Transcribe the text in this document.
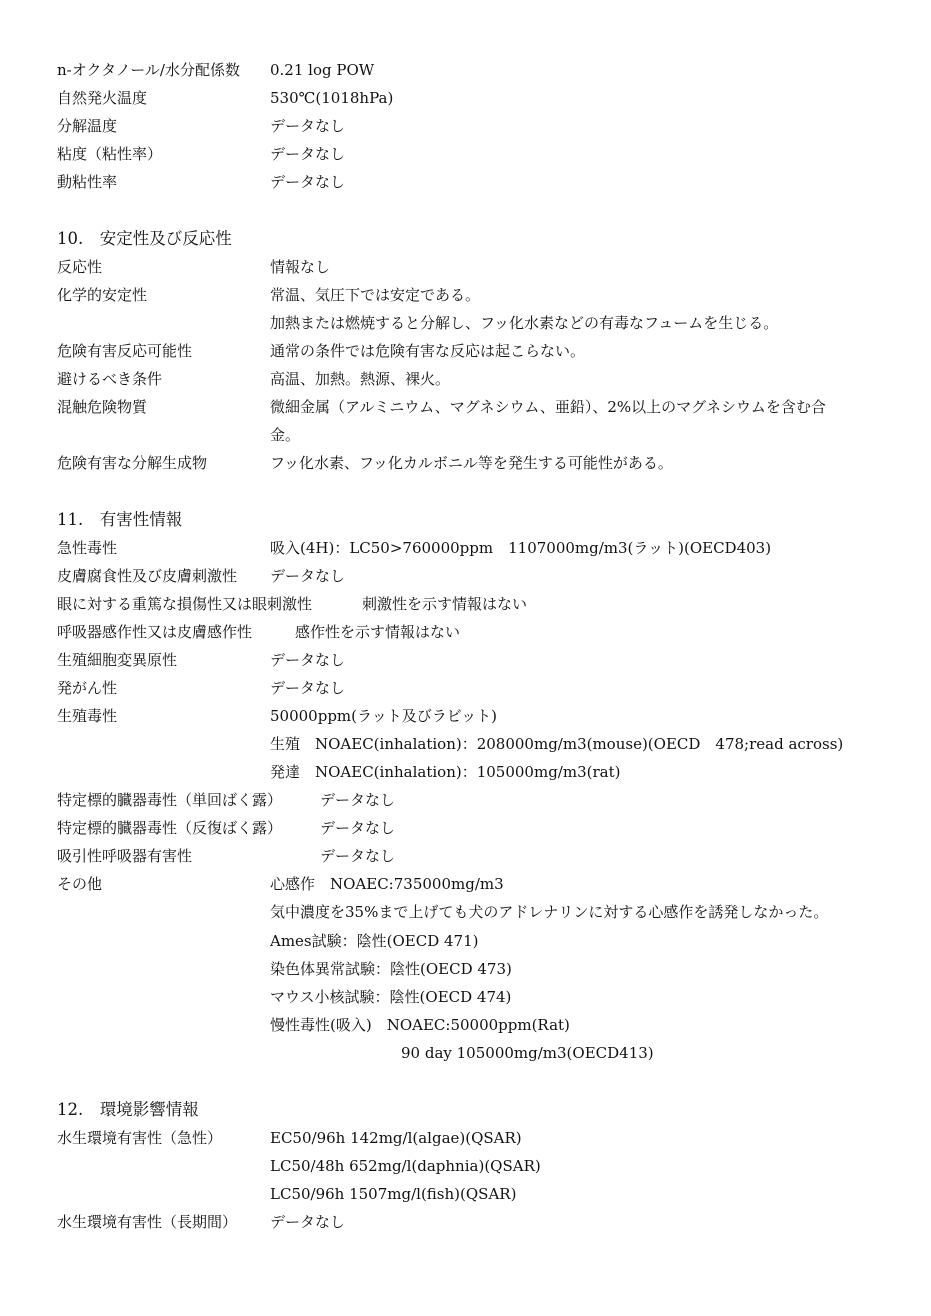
n-オクタノール/水分配係数 0.21 log POW
自然発火温度	530℃(1018hPa)
分解温度	データなし
粘度（粘性率）	データなし
動粘性率	データなし
10.　安定性及び反応性
反応性	情報なし
化学的安定性	常温、気圧下では安定である。
加熱または燃焼すると分解し、フッ化水素などの有毒なフュームを生じる。
危険有害反応可能性	通常の条件では危険有害な反応は起こらない。
避けるべき条件	高温、加熱。熱源、裸火。
混触危険物質	微細金属（アルミニウム、マグネシウム、亜鉛）、2%以上のマグネシウムを含む合
金。
危険有害な分解生成物	フッ化水素、フッ化カルボニル等を発生する可能性がある。
11.　有害性情報
急性毒性	吸入(4H)：LC50>760000ppm　1107000mg/m3(ラット)(OECD403)
皮膚腐食性及び皮膚刺激性 データなし
眼に対する重篤な損傷性又は眼刺激性	刺激性を示す情報はない
呼吸器感作性又は皮膚感作性	感作性を示す情報はない
生殖細胞変異原性	データなし
発がん性	データなし
生殖毒性	50000ppm(ラット及びラビット)
生殖　NOAEC(inhalation)：208000mg/m3(mouse)(OECD　478;read across)
発達　NOAEC(inhalation)：105000mg/m3(rat)
特定標的臓器毒性（単回ばく露）	データなし
特定標的臓器毒性（反復ばく露）	データなし
吸引性呼吸器有害性	データなし
その他	心感作　NOAEC:735000mg/m3
気中濃度を35%まで上げても犬のアドレナリンに対する心感作を誘発しなかった。
Ames試験：陰性(OECD 471)
染色体異常試験：陰性(OECD 473)
マウス小核試験：陰性(OECD 474)
慢性毒性(吸入)　NOAEC:50000ppm(Rat)
90 day 105000mg/m3(OECD413)
12.　環境影響情報
水生環境有害性（急性）	EC50/96h 142mg/l(algae)(QSAR)
LC50/48h 652mg/l(daphnia)(QSAR)
LC50/96h 1507mg/l(fish)(QSAR)
水生環境有害性（長期間） データなし
